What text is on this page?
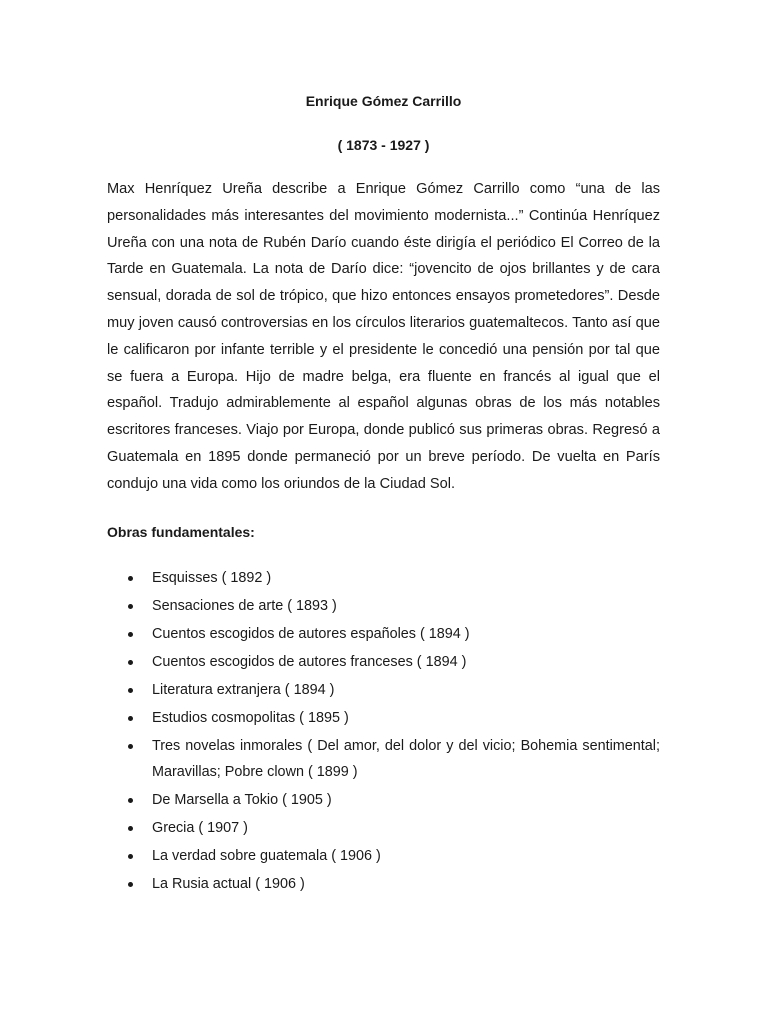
Enrique Gómez Carrillo

( 1873 - 1927 )

Max Henríquez Ureña describe a Enrique Gómez Carrillo como “una de las personalidades más interesantes del movimiento modernista...” Continúa Henríquez Ureña con una nota de Rubén Darío cuando éste dirigía el periódico El Correo de la Tarde en Guatemala. La nota de Darío dice: “jovencito de ojos brillantes y de cara sensual, dorada de sol de trópico, que hizo entonces ensayos prometedores”. Desde muy joven causó controversias en los círculos literarios guatemaltecos. Tanto así que le calificaron por infante terrible y el presidente le concedió una pensión por tal que se fuera a Europa. Hijo de madre belga, era fluente en francés al igual que el español. Tradujo admirablemente al español algunas obras de los más notables escritores franceses. Viajo por Europa, donde publicó sus primeras obras. Regresó a Guatemala en 1895 donde permaneció por un breve período. De vuelta en París condujo una vida como los oriundos de la Ciudad Sol.

Obras fundamentales:

Esquisses ( 1892 )
Sensaciones de arte ( 1893 )
Cuentos escogidos de autores españoles ( 1894 )
Cuentos escogidos de autores franceses ( 1894 )
Literatura extranjera ( 1894 )
Estudios cosmopolitas ( 1895 )
Tres novelas inmorales ( Del amor, del dolor y del vicio; Bohemia sentimental; Maravillas; Pobre clown ( 1899 )
De Marsella a Tokio ( 1905 )
Grecia ( 1907 )
La verdad sobre guatemala ( 1906 )
La Rusia actual ( 1906 )
